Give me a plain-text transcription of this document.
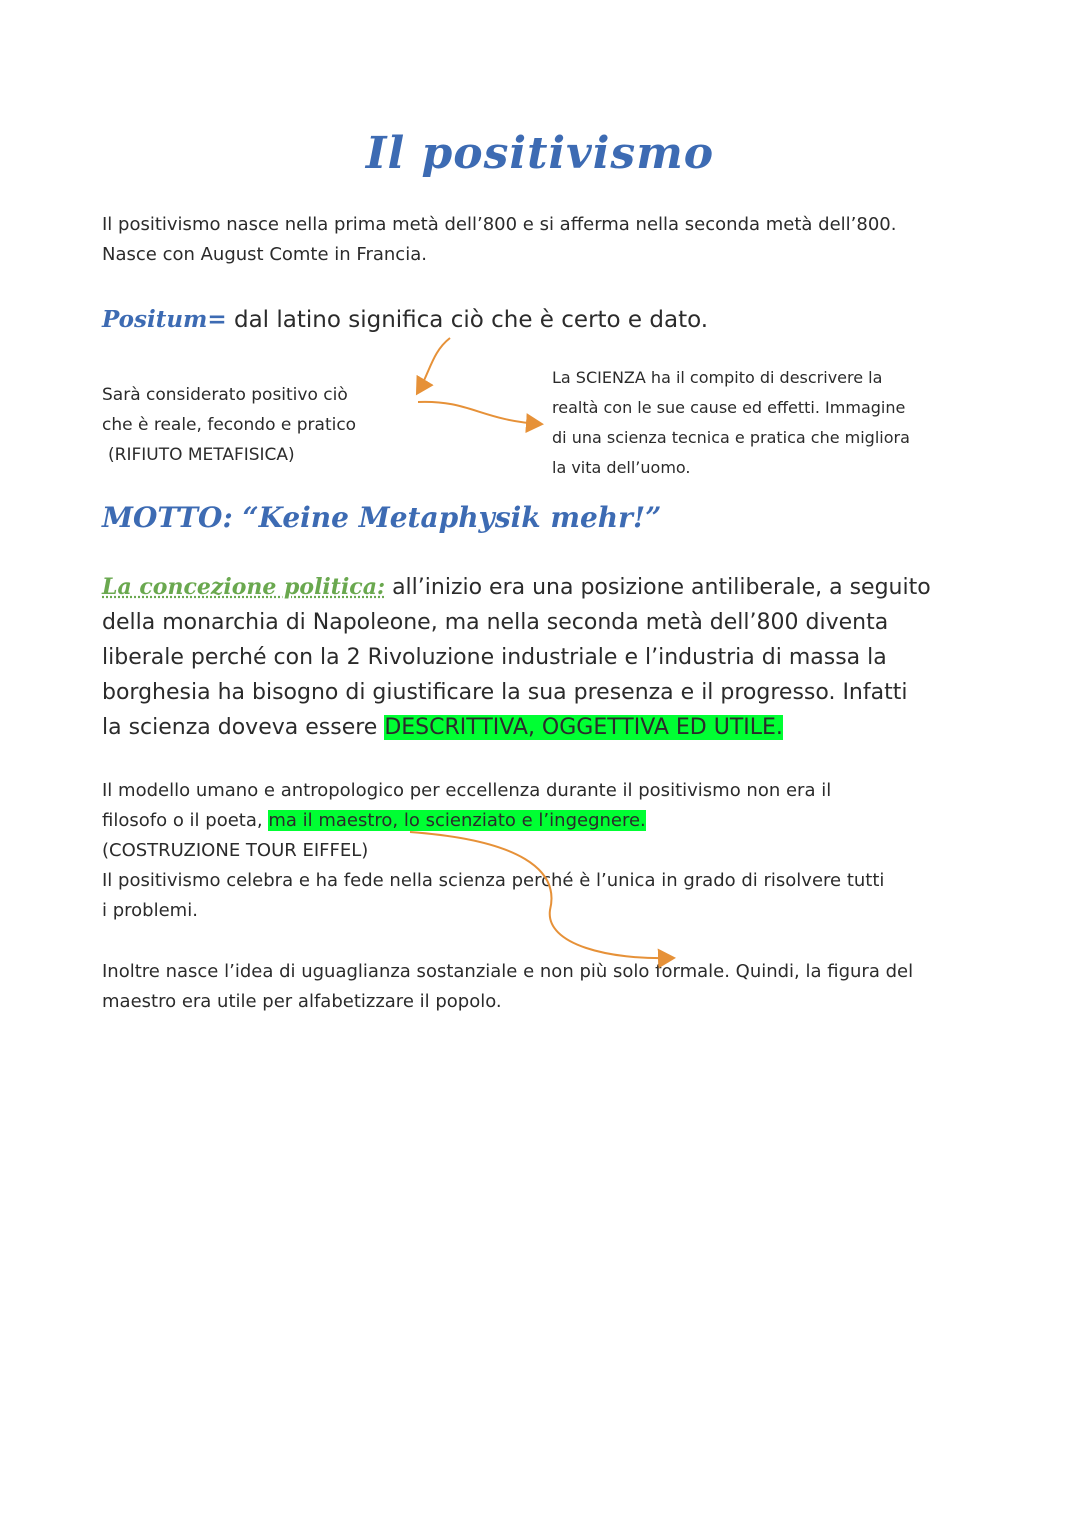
Il positivismo
Il positivismo nasce nella prima metà dell’800 e si afferma nella seconda metà dell’800.
Nasce con August Comte in Francia.
Positum= dal latino significa ciò che è certo e dato.
Sarà considerato positivo ciò
che è reale, fecondo e pratico
(RIFIUTO METAFISICA)
La SCIENZA ha il compito di descrivere la
realtà con le sue cause ed effetti. Immagine
di una scienza tecnica e pratica che migliora
la vita dell’uomo.
MOTTO: “Keine Metaphysik mehr!”
La concezione politica: all’inizio era una posizione antiliberale, a seguito
della monarchia di Napoleone, ma nella seconda metà dell’800 diventa
liberale perché con la 2 Rivoluzione industriale e l’industria di massa la
borghesia ha bisogno di giustificare la sua presenza e il progresso. Infatti
la scienza doveva essere DESCRITTIVA, OGGETTIVA ED UTILE.
Il modello umano e antropologico per eccellenza durante il positivismo non era il
filosofo o il poeta, ma il maestro, lo scienziato e l’ingegnere.
(COSTRUZIONE TOUR EIFFEL)
Il positivismo celebra e ha fede nella scienza perché è l’unica in grado di risolvere tutti
i problemi.
Inoltre nasce l’idea di uguaglianza sostanziale e non più solo formale. Quindi, la figura del
maestro era utile per alfabetizzare il popolo.
